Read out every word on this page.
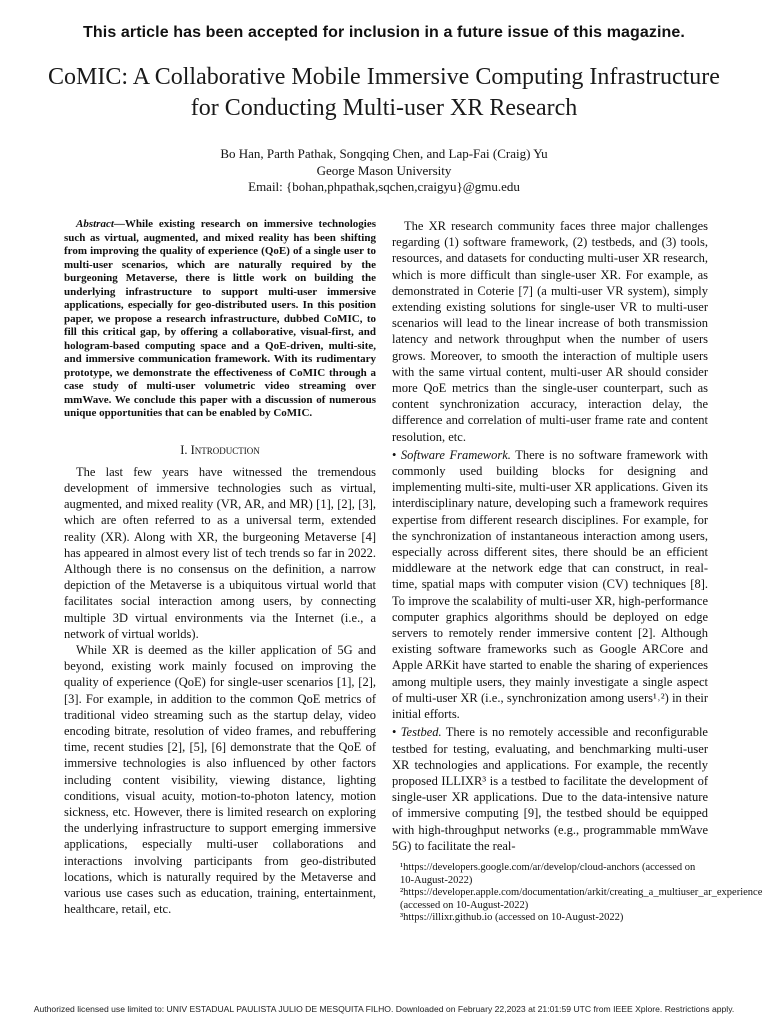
This article has been accepted for inclusion in a future issue of this magazine.
CoMIC: A Collaborative Mobile Immersive Computing Infrastructure for Conducting Multi-user XR Research
Bo Han, Parth Pathak, Songqing Chen, and Lap-Fai (Craig) Yu
George Mason University
Email: {bohan,phpathak,sqchen,craigyu}@gmu.edu

Abstract—While existing research on immersive technologies such as virtual, augmented, and mixed reality has been shifting from improving the quality of experience (QoE) of a single user to multi-user scenarios, which are naturally required by the burgeoning Metaverse, there is little work on building the underlying infrastructure to support multi-user immersive applications, especially for geo-distributed users. In this position paper, we propose a research infrastructure, dubbed CoMIC, to fill this critical gap, by offering a collaborative, visual-first, and hologram-based computing space and a QoE-driven, multi-site, and immersive communication framework. With its rudimentary prototype, we demonstrate the effectiveness of CoMIC through a case study of multi-user volumetric video streaming over mmWave. We conclude this paper with a discussion of numerous unique opportunities that can be enabled by CoMIC.

I. Introduction

The last few years have witnessed the tremendous development of immersive technologies such as virtual, augmented, and mixed reality (VR, AR, and MR) [1], [2], [3], which are often referred to as a universal term, extended reality (XR). Along with XR, the burgeoning Metaverse [4] has appeared in almost every list of tech trends so far in 2022. Although there is no consensus on the definition, a narrow depiction of the Metaverse is a ubiquitous virtual world that facilitates social interaction among users, by connecting multiple 3D virtual environments via the Internet (i.e., a network of virtual worlds).

While XR is deemed as the killer application of 5G and beyond, existing work mainly focused on improving the quality of experience (QoE) for single-user scenarios [1], [2], [3]. For example, in addition to the common QoE metrics of traditional video streaming such as the startup delay, video encoding bitrate, resolution of video frames, and rebuffering time, recent studies [2], [5], [6] demonstrate that the QoE of immersive technologies is also influenced by other factors including content visibility, viewing distance, lighting conditions, visual acuity, motion-to-photon latency, motion sickness, etc. However, there is limited research on exploring the underlying infrastructure to support emerging immersive applications, especially multi-user collaborations and interactions involving participants from geo-distributed locations, which is naturally required by the Metaverse and various use cases such as education, training, entertainment, healthcare, retail, etc.

The XR research community faces three major challenges regarding (1) software framework, (2) testbeds, and (3) tools, resources, and datasets for conducting multi-user XR research, which is more difficult than single-user XR. For example, as demonstrated in Coterie [7] (a multi-user VR system), simply extending existing solutions for single-user VR to multi-user scenarios will lead to the linear increase of both transmission latency and network throughput when the number of users grows. Moreover, to smooth the interaction of multiple users with the same virtual content, multi-user AR should consider more QoE metrics than the single-user counterpart, such as content synchronization accuracy, interaction delay, the difference and correlation of multi-user frame rate and content resolution, etc.

• Software Framework. There is no software framework with commonly used building blocks for designing and implementing multi-site, multi-user XR applications. Given its interdisciplinary nature, developing such a framework requires expertise from different research disciplines. For example, for the synchronization of instantaneous interaction among users, especially across different sites, there should be an efficient middleware at the network edge that can construct, in real-time, spatial maps with computer vision (CV) techniques [8]. To improve the scalability of multi-user XR, high-performance computer graphics algorithms should be deployed on edge servers to remotely render immersive content [2]. Although existing software frameworks such as Google ARCore and Apple ARKit have started to enable the sharing of experiences among multiple users, they mainly investigate a single aspect of multi-user XR (i.e., synchronization among users¹˒²) in their initial efforts.

• Testbed. There is no remotely accessible and reconfigurable testbed for testing, evaluating, and benchmarking multi-user XR technologies and applications. For example, the recently proposed ILLIXR³ is a testbed to facilitate the development of single-user XR applications. Due to the data-intensive nature of immersive computing [9], the testbed should be equipped with high-throughput networks (e.g., programmable mmWave 5G) to facilitate the real-

¹https://developers.google.com/ar/develop/cloud-anchors (accessed on 10-August-2022)
²https://developer.apple.com/documentation/arkit/creating_a_multiuser_ar_experience (accessed on 10-August-2022)
³https://illixr.github.io (accessed on 10-August-2022)
Authorized licensed use limited to: UNIV ESTADUAL PAULISTA JULIO DE MESQUITA FILHO. Downloaded on February 22,2023 at 21:01:59 UTC from IEEE Xplore. Restrictions apply.
